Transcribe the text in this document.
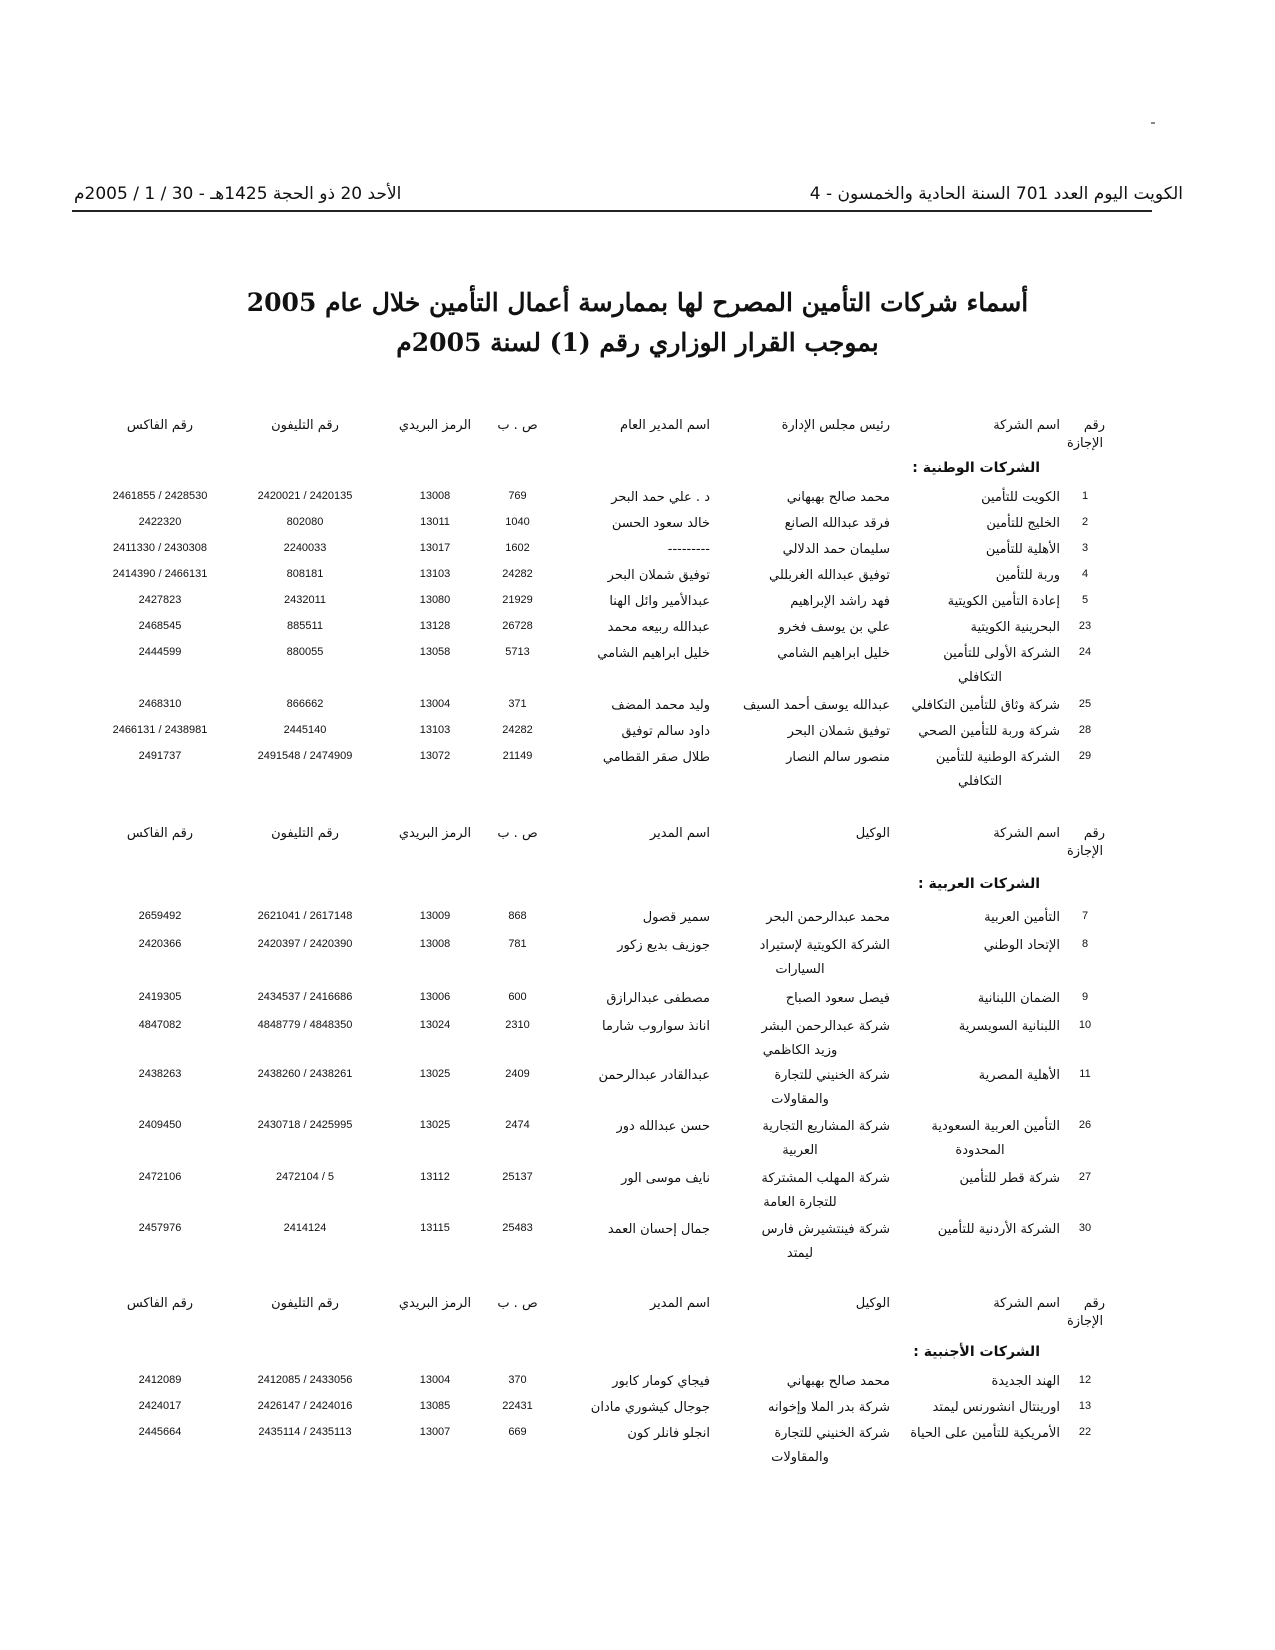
الكويت اليوم العدد 701 السنة الحادية والخمسون - 4
الأحد 20 ذو الحجة 1425هـ - 30 / 1 / 2005م
أسماء شركات التأمين المصرح لها بممارسة أعمال التأمين خلال عام 2005
بموجب القرار الوزاري رقم (1) لسنة 2005م
رقم الفاكس	رقم التليفون	الرمز البريدي	ص . ب	اسم المدير العام	رئيس مجلس الإدارة	اسم الشركة	رقم
الإجازة
الشركات الوطنية :
2461855 / 2428530	2420021 / 2420135	13008	769	د . علي حمد البحر	محمد صالح بهبهاني	الكويت للتأمين	1
2422320	802080	13011	1040	خالد سعود الحسن	فرقد عبدالله الصانع	الخليج للتأمين	2
2411330 / 2430308	2240033	13017	1602	---------	سليمان حمد الدلالي	الأهلية للتأمين	3
2414390 / 2466131	808181	13103	24282	توفيق شملان البحر	توفيق عبدالله الغربللي	وربة للتأمين	4
2427823	2432011	13080	21929	عبدالأمير وائل الهنا	فهد راشد الإبراهيم	إعادة التأمين الكويتية	5
2468545	885511	13128	26728	عبدالله ربيعه محمد	علي بن يوسف فخرو	البحرينية الكويتية	23
2444599	880055	13058	5713	خليل ابراهيم الشامي	خليل ابراهيم الشامي	الشركة الأولى للتأمين	24
التكافلي
2468310	866662	13004	371	وليد محمد المضف	عبدالله يوسف أحمد السيف	شركة وثاق للتأمين التكافلي	25
2466131 / 2438981	2445140	13103	24282	داود سالم توفيق	توفيق شملان البحر	شركة وربة للتأمين الصحي	28
2491737	2491548 / 2474909	13072	21149	طلال صقر القطامي	منصور سالم النصار	الشركة الوطنية للتأمين	29
التكافلي
رقم الفاكس	رقم التليفون	الرمز البريدي	ص . ب	اسم المدير	الوكيل	اسم الشركة	رقم
الإجازة
الشركات العربية :
2659492	2621041 / 2617148	13009	868	سمير قصول	محمد عبدالرحمن البحر	التأمين العربية	7
2420366	2420397 / 2420390	13008	781	جوزيف بديع زكور	الشركة الكويتية لإستيراد	الإتحاد الوطني	8
السيارات
2419305	2434537 / 2416686	13006	600	مصطفى عبدالرازق	فيصل سعود الصباح	الضمان اللبنانية	9
4847082	4848779 / 4848350	13024	2310	انانذ سواروب شارما	شركة عبدالرحمن البشر	اللبنانية السويسرية	10
وزيد الكاظمي
2438263	2438260 / 2438261	13025	2409	عبدالقادر عبدالرحمن	شركة الخنيني للتجارة	الأهلية المصرية	11
والمقاولات
2409450	2430718 / 2425995	13025	2474	حسن عبدالله دور	شركة المشاريع التجارية	التأمين العربية السعودية	26
المحدودة
العربية
2472106	2472104 / 5	13112	25137	نايف موسى الور	شركة المهلب المشتركة	شركة قطر للتأمين	27
للتجارة العامة
2457976	2414124	13115	25483	جمال إحسان العمد	شركة فينتشيرش فارس	الشركة الأردنية للتأمين	30
ليمتد
رقم الفاكس	رقم التليفون	الرمز البريدي	ص . ب	اسم المدير	الوكيل	اسم الشركة	رقم
الإجازة
الشركات الأجنبية :
2412089	2412085 / 2433056	13004	370	فيجاي كومار كابور	محمد صالح بهبهاني	الهند الجديدة	12
2424017	2426147 / 2424016	13085	22431	جوجال كيشوري مادان	شركة بدر الملا وإخوانه	اورينتال انشورنس ليمتد	13
2445664	2435114 / 2435113	13007	669	انجلو فانلر كون	شركة الخنيني للتجارة	الأمريكية للتأمين على الحياة	22
والمقاولات
